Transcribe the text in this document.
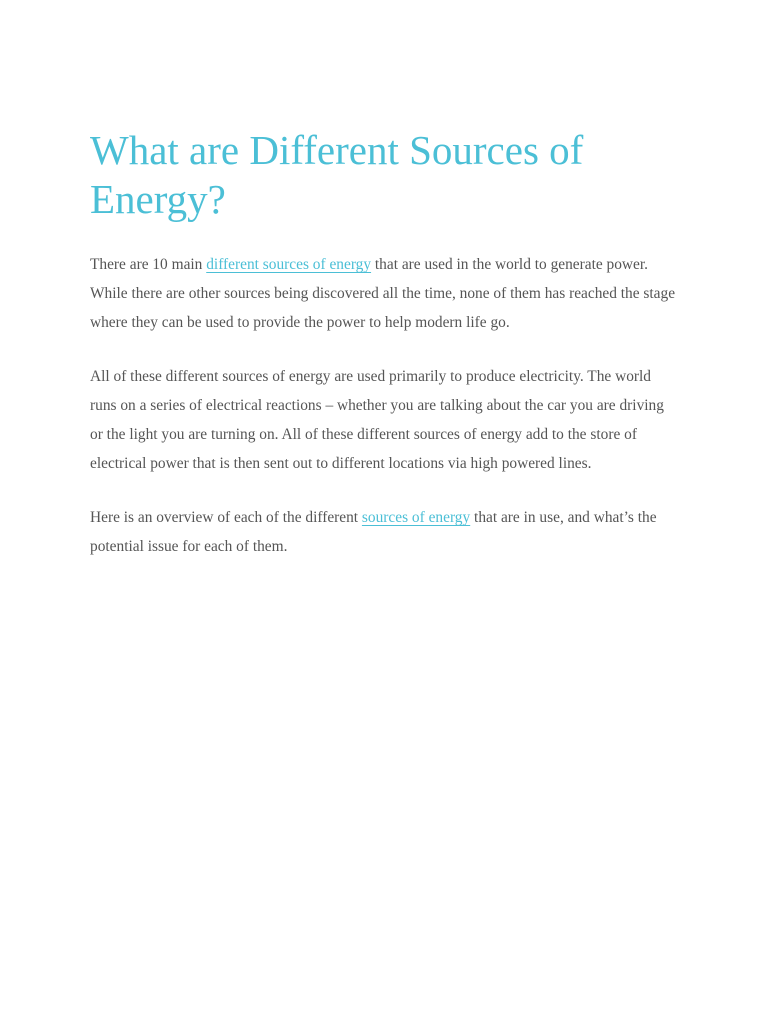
What are Different Sources of Energy?

There are 10 main different sources of energy that are used in the world to generate power. While there are other sources being discovered all the time, none of them has reached the stage where they can be used to provide the power to help modern life go.

All of these different sources of energy are used primarily to produce electricity. The world runs on a series of electrical reactions – whether you are talking about the car you are driving or the light you are turning on. All of these different sources of energy add to the store of electrical power that is then sent out to different locations via high powered lines.

Here is an overview of each of the different sources of energy that are in use, and what’s the potential issue for each of them.
